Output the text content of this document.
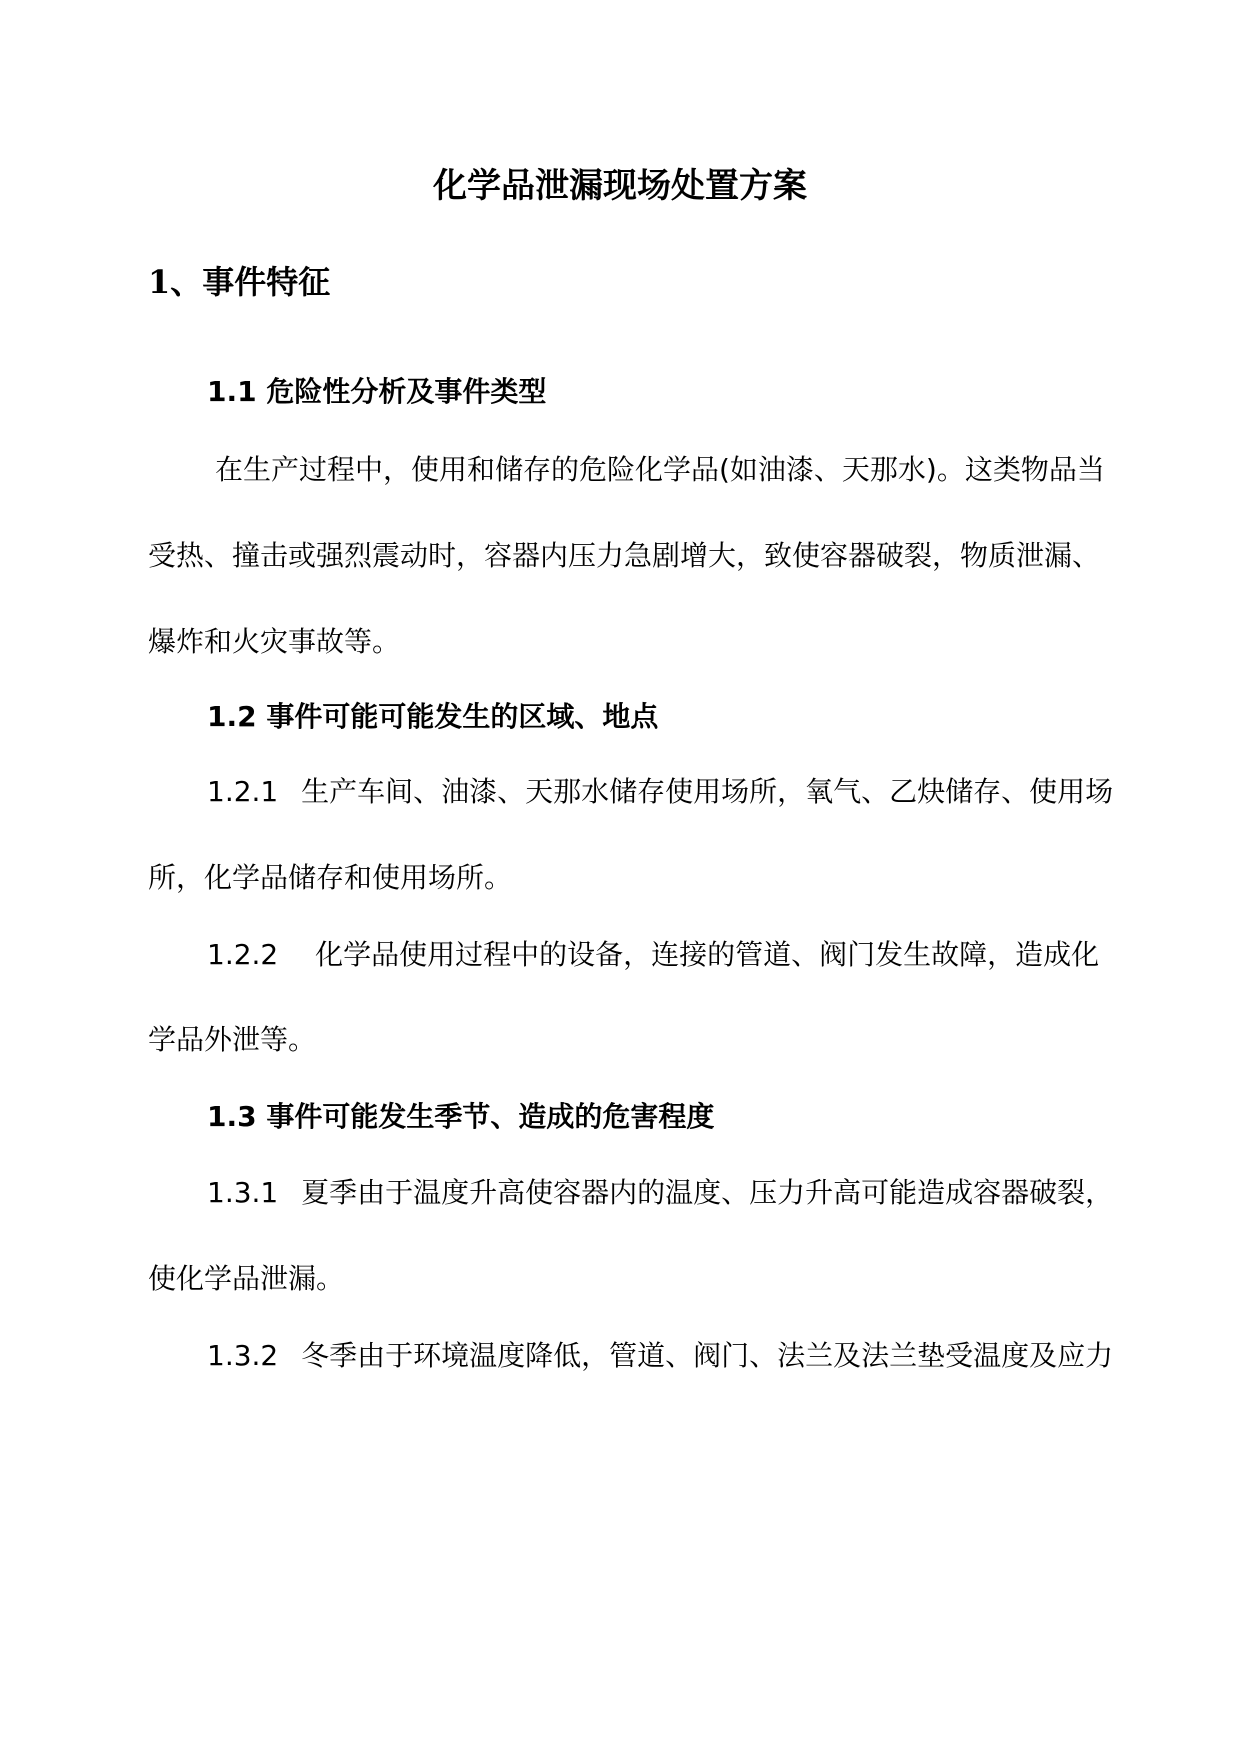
化学品泄漏现场处置方案
1、事件特征
1.1 危险性分析及事件类型
在生产过程中，使用和储存的危险化学品(如油漆、天那水)。这类物品当
受热、撞击或强烈震动时，容器内压力急剧增大，致使容器破裂，物质泄漏、
爆炸和火灾事故等。
1.2 事件可能可能发生的区域、地点
1.2.1 生产车间、油漆、天那水储存使用场所，氧气、乙炔储存、使用场
所，化学品储存和使用场所。
1.2.2 化学品使用过程中的设备，连接的管道、阀门发生故障，造成化
学品外泄等。
1.3 事件可能发生季节、造成的危害程度
1.3.1 夏季由于温度升高使容器内的温度、压力升高可能造成容器破裂，
使化学品泄漏。
1.3.2 冬季由于环境温度降低，管道、阀门、法兰及法兰垫受温度及应力
